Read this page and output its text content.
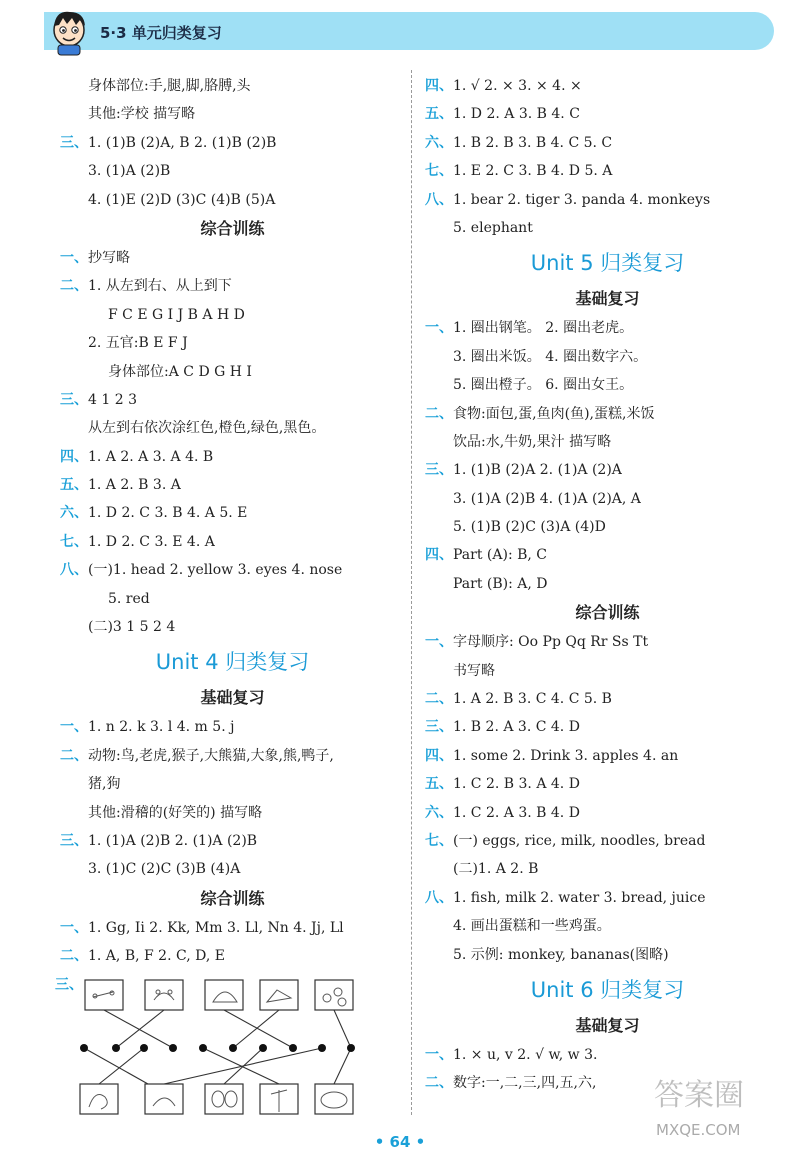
5·3 单元归类复习
身体部位:手,腿,脚,胳膊,头
其他:学校 描写略
三、1. (1)B (2)A, B 2. (1)B (2)B
3. (1)A (2)B
4. (1)E (2)D (3)C (4)B (5)A
综合训练
一、抄写略
二、1. 从左到右、从上到下
F C E G I J B A H D
2. 五官:B E F J
身体部位:A C D G H I
三、4 1 2 3
从左到右依次涂红色,橙色,绿色,黑色。
四、1. A 2. A 3. A 4. B
五、1. A 2. B 3. A
六、1. D 2. C 3. B 4. A 5. E
七、1. D 2. C 3. E 4. A
八、(一)1. head 2. yellow 3. eyes 4. nose
5. red
(二)3 1 5 2 4
Unit 4 归类复习
基础复习
一、1. n 2. k 3. l 4. m 5. j
二、动物:鸟,老虎,猴子,大熊猫,大象,熊,鸭子,
猪,狗
其他:滑稽的(好笑的) 描写略
三、1. (1)A (2)B 2. (1)A (2)B
3. (1)C (2)C (3)B (4)A
综合训练
一、1. Gg, Ii 2. Kk, Mm 3. Ll, Nn 4. Jj, Ll
二、1. A, B, F 2. C, D, E
四、1. √ 2. × 3. × 4. ×
五、1. D 2. A 3. B 4. C
六、1. B 2. B 3. B 4. C 5. C
七、1. E 2. C 3. B 4. D 5. A
八、1. bear 2. tiger 3. panda 4. monkeys
5. elephant
Unit 5 归类复习
基础复习
一、1. 圈出钢笔。 2. 圈出老虎。
3. 圈出米饭。 4. 圈出数字六。
5. 圈出橙子。 6. 圈出女王。
二、食物:面包,蛋,鱼肉(鱼),蛋糕,米饭
饮品:水,牛奶,果汁 描写略
三、1. (1)B (2)A 2. (1)A (2)A
3. (1)A (2)B 4. (1)A (2)A, A
5. (1)B (2)C (3)A (4)D
四、Part (A): B, C
Part (B): A, D
综合训练
一、字母顺序: Oo Pp Qq Rr Ss Tt
书写略
二、1. A 2. B 3. C 4. C 5. B
三、1. B 2. A 3. C 4. D
四、1. some 2. Drink 3. apples 4. an
五、1. C 2. B 3. A 4. D
六、1. C 2. A 3. B 4. D
七、(一) eggs, rice, milk, noodles, bread
(二)1. A 2. B
八、1. fish, milk 2. water 3. bread, juice
4. 画出蛋糕和一些鸡蛋。
5. 示例: monkey, bananas(图略)
Unit 6 归类复习
基础复习
一、1. × u, v 2. √ w, w 3.
二、数字:一,二,三,四,五,六,
三、
答案圈
MXQE.COM
• 64 •
